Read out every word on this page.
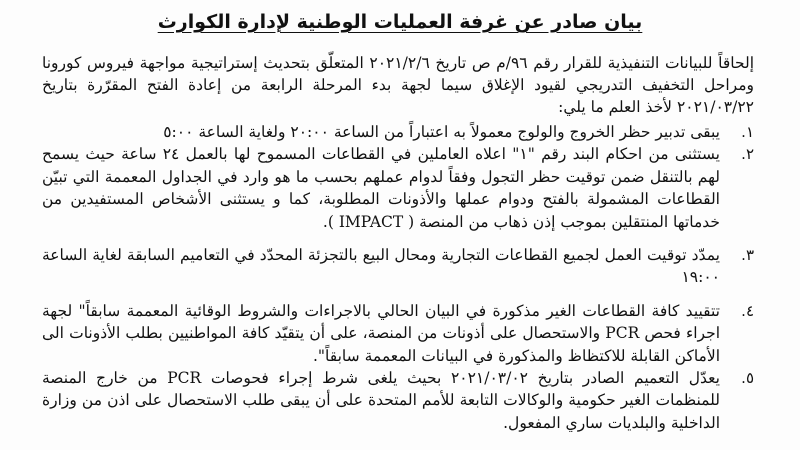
بيان صادر عن غرفة العمليات الوطنية لإدارة الكوارث

إلحاقاً للبيانات التنفيذية للقرار رقم ٩٦/م ص تاريخ ٢٠٢١/٢/٦ المتعلّق بتحديث إستراتيجية مواجهة فيروس كورونا ومراحل التخفيف التدريجي لقيود الإغلاق سيما لجهة بدء المرحلة الرابعة من إعادة الفتح المقرّرة بتاريخ ٢٠٢١/٠٣/٢٢ لأخذ العلم ما يلي:

١.
يبقى تدبير حظر الخروج والولوج معمولاً به اعتباراً من الساعة ٢٠:٠٠ ولغاية الساعة ٥:٠٠
٢.
يستثنى من احكام البند رقم "١" اعلاه العاملين في القطاعات المسموح لها بالعمل ٢٤ ساعة حيث يسمح لهم بالتنقل ضمن توقيت حظر التجول وفقاً لدوام عملهم بحسب ما هو وارد في الجداول المعممة التي تبيّن القطاعات المشمولة بالفتح ودوام عملها والأذونات المطلوبة، كما و يستثنى الأشخاص المستفيدين من خدماتها المنتقلين بموجب إذن ذهاب من المنصة ( IMPACT ).
٣.
يمدّد توقيت العمل لجميع القطاعات التجارية ومحال البيع بالتجزئة المحدّد في التعاميم السابقة لغاية الساعة ١٩:٠٠
٤.
تتقييد كافة القطاعات الغير مذكورة في البيان الحالي بالاجراءات والشروط الوقائية المعممة سابقاً" لجهة اجراء فحص PCR والاستحصال على أذونات من المنصة، على أن يتقيّد كافة المواطنيين بطلب الأذونات الى الأماكن القابلة للاكتظاظ والمذكورة في البيانات المعممة سابقاً".
٥.
يعدّل التعميم الصادر بتاريخ ٢٠٢١/٠٣/٠٢ بحيث يلغى شرط إجراء فحوصات PCR من خارج المنصة للمنظمات الغير حكومية والوكالات التابعة للأمم المتحدة على أن يبقى طلب الاستحصال على اذن من وزارة الداخلية والبلديات ساري المفعول.
